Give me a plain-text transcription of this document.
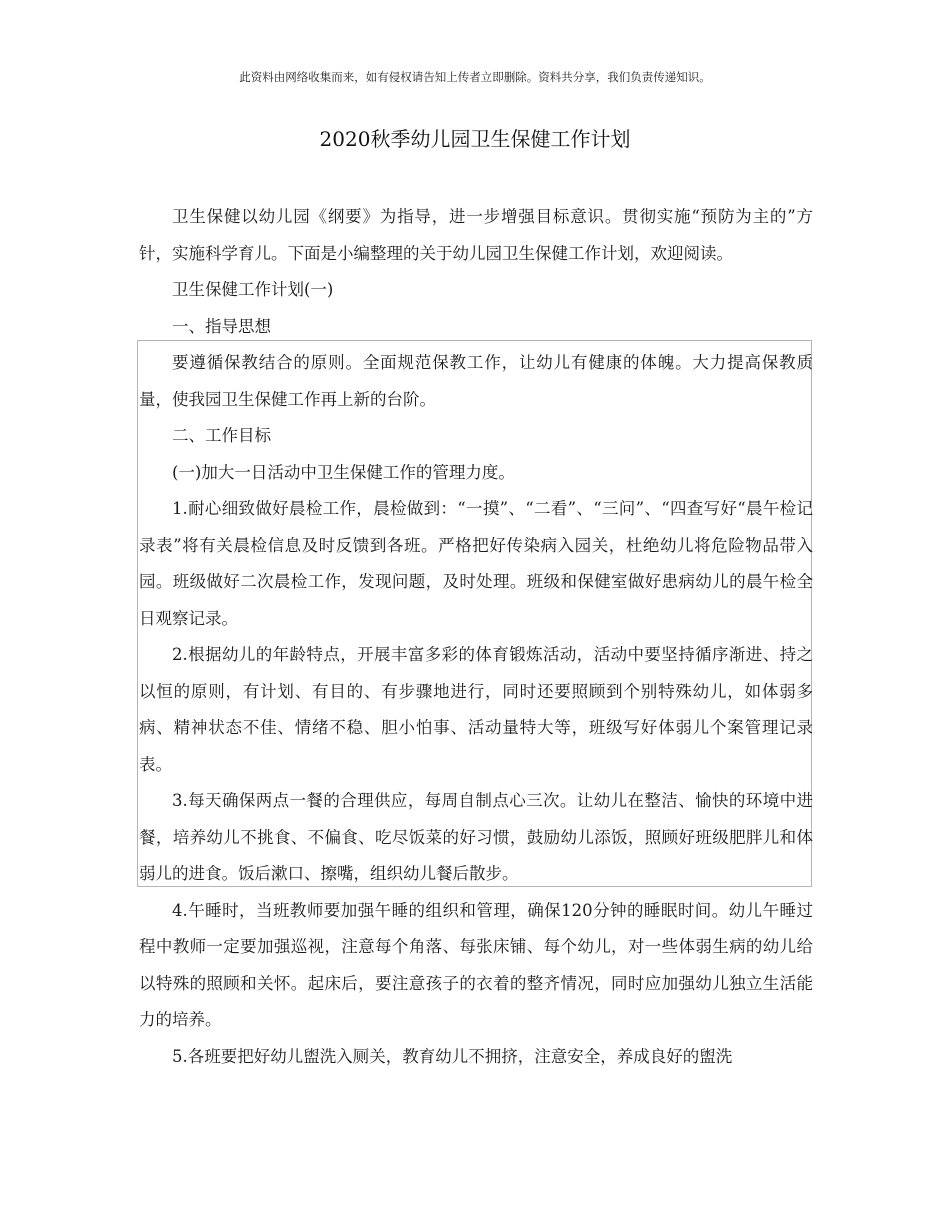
此资料由网络收集而来，如有侵权请告知上传者立即删除。资料共分享，我们负责传递知识。
2020秋季幼儿园卫生保健工作计划

卫生保健以幼儿园《纲要》为指导，进一步增强目标意识。贯彻实施“预防为主的”方针，实施科学育儿。下面是小编整理的关于幼儿园卫生保健工作计划，欢迎阅读。

卫生保健工作计划(一)

一、指导思想

要遵循保教结合的原则。全面规范保教工作，让幼儿有健康的体魄。大力提高保教质量，使我园卫生保健工作再上新的台阶。

二、工作目标

(一)加大一日活动中卫生保健工作的管理力度。

1.耐心细致做好晨检工作，晨检做到：“一摸”、“二看”、“三问”、“四查写好“晨午检记录表”将有关晨检信息及时反馈到各班。严格把好传染病入园关，杜绝幼儿将危险物品带入园。班级做好二次晨检工作，发现问题，及时处理。班级和保健室做好患病幼儿的晨午检全日观察记录。

2.根据幼儿的年龄特点，开展丰富多彩的体育锻炼活动，活动中要坚持循序渐进、持之以恒的原则，有计划、有目的、有步骤地进行，同时还要照顾到个别特殊幼儿，如体弱多病、精神状态不佳、情绪不稳、胆小怕事、活动量特大等，班级写好体弱儿个案管理记录表。

3.每天确保两点一餐的合理供应，每周自制点心三次。让幼儿在整洁、愉快的环境中进餐，培养幼儿不挑食、不偏食、吃尽饭菜的好习惯，鼓励幼儿添饭，照顾好班级肥胖儿和体弱儿的进食。饭后漱口、擦嘴，组织幼儿餐后散步。

4.午睡时，当班教师要加强午睡的组织和管理，确保120分钟的睡眠时间。幼儿午睡过程中教师一定要加强巡视，注意每个角落、每张床铺、每个幼儿，对一些体弱生病的幼儿给以特殊的照顾和关怀。起床后，要注意孩子的衣着的整齐情况，同时应加强幼儿独立生活能力的培养。

5.各班要把好幼儿盥洗入厕关，教育幼儿不拥挤，注意安全，养成良好的盥洗
